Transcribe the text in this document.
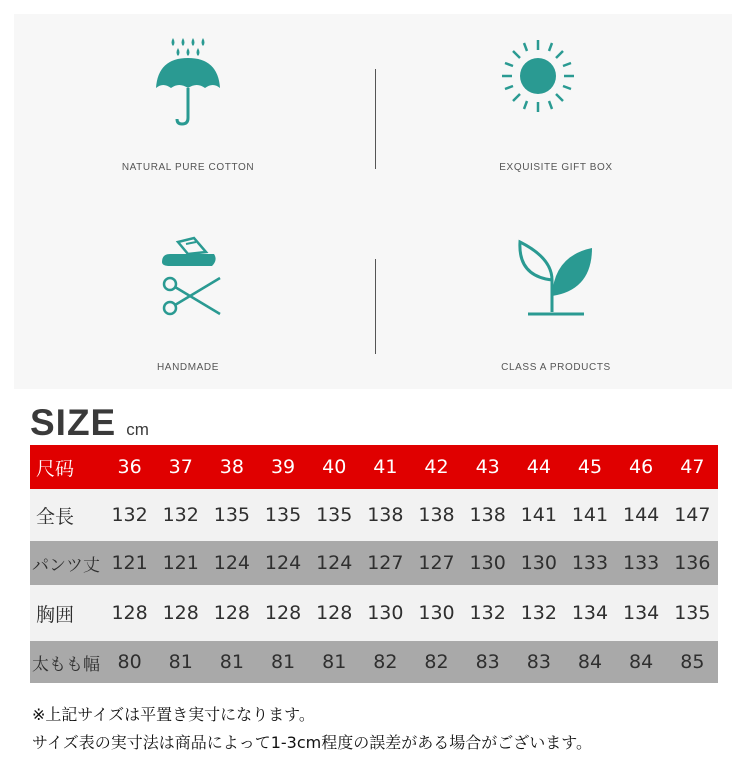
NATURAL PURE COTTON	EXQUISITE GIFT BOX
HANDMADE	CLASS A PRODUCTS
SIZE cm
尺码	36	37	38	39	40	41	42	43	44	45	46	47
全長	132	132	135	135	135	138	138	138	141	141	144	147
パンツ丈	121	121	124	124	124	127	127	130	130	133	133	136
胸囲	128	128	128	128	128	130	130	132	132	134	134	135
太もも幅	80	81	81	81	81	82	82	83	83	84	84	85
※上記サイズは平置き実寸になります。
サイズ表の実寸法は商品によって1-3cm程度の誤差がある場合がございます。
